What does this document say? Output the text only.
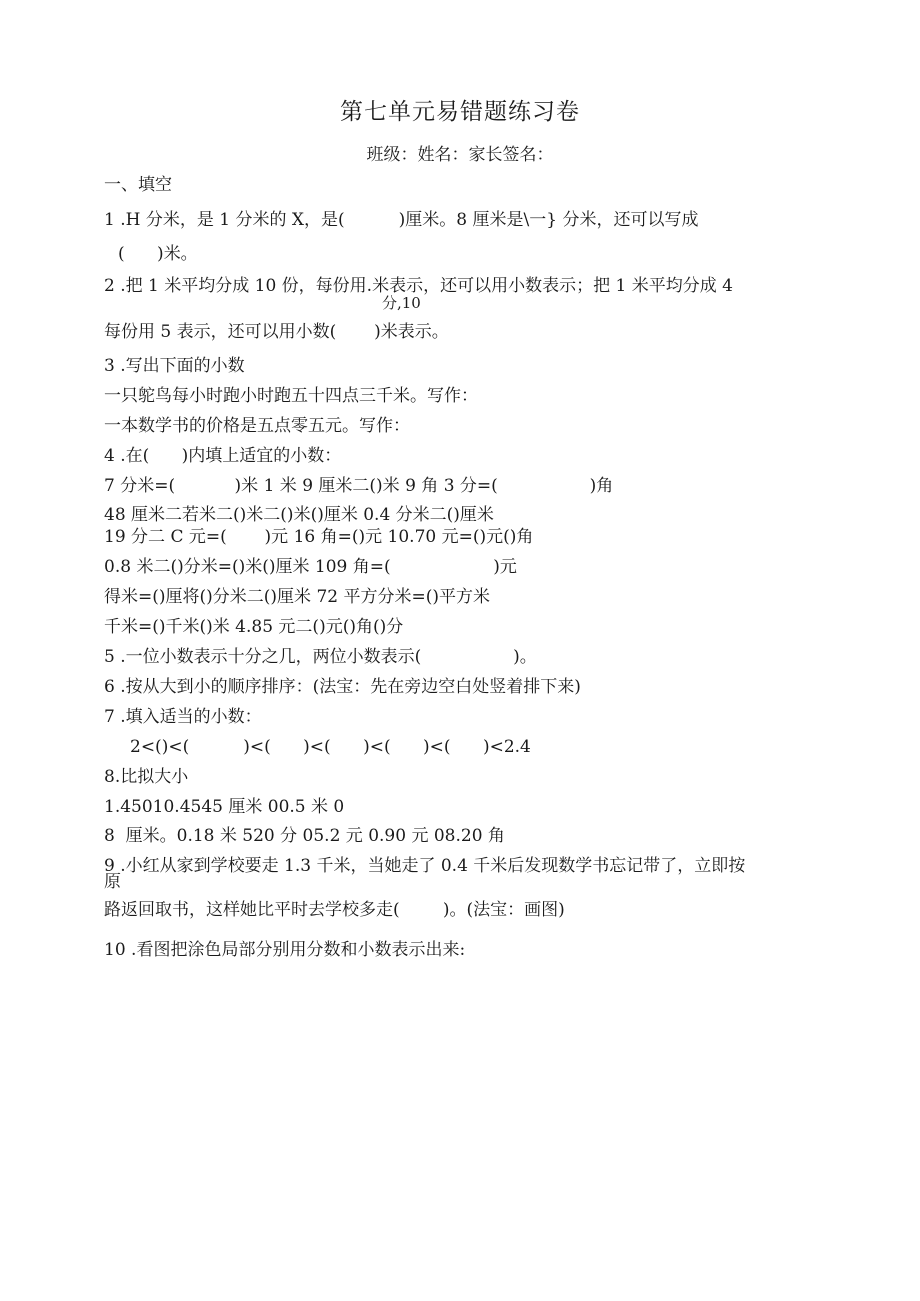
第七单元易错题练习卷
班级：姓名：家长签名：
一、填空
1 .H 分米，是 1 分米的 X，是(          )厘米。8 厘米是\一} 分米，还可以写成
(      )米。
2 .把 1 米平均分成 10 份，每份用.米表示，还可以用小数表示；把 1 米平均分成 4
分,10
每份用 5 表示，还可以用小数(       )米表示。
3 .写出下面的小数
一只鸵鸟每小时跑小时跑五十四点三千米。写作：
一本数学书的价格是五点零五元。写作：
4 .在(      )内填上适宜的小数：
7 分米=(           )米 1 米 9 厘米二()米 9 角 3 分=(                 )角
48 厘米二若米二()米二()米()厘米 0.4 分米二()厘米
19 分二 C 元=(       )元 16 角=()元 10.70 元=()元()角
0.8 米二()分米=()米()厘米 109 角=(                   )元
得米=()厘将()分米二()厘米 72 平方分米=()平方米
千米=()千米()米 4.85 元二()元()角()分
5 .一位小数表示十分之几，两位小数表示(                 )。
6 .按从大到小的顺序排序：(法宝：先在旁边空白处竖着排下来)
7 .填入适当的小数：
2<()<(          )<(      )<(      )<(      )<(      )<2.4
8.比拟大小
1.45010.4545 厘米 00.5 米 0
8  厘米。0.18 米 520 分 05.2 元 0.90 元 08.20 角
9 .小红从家到学校要走 1.3 千米，当她走了 0.4 千米后发现数学书忘记带了，立即按
原
路返回取书，这样她比平时去学校多走(        )。(法宝：画图)
10 .看图把涂色局部分别用分数和小数表示出来:
